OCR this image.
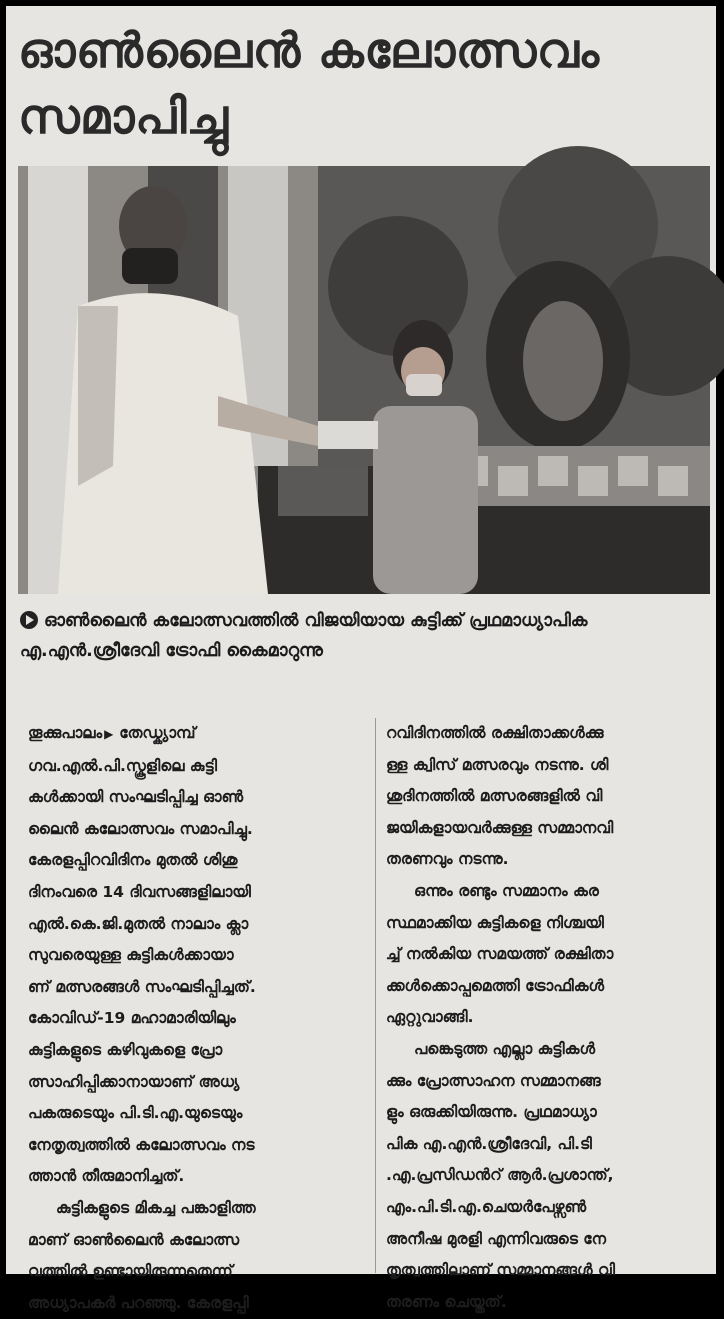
ഓൺലൈൻ കലോത്സവം
സമാപിച്ചു
ഓൺലൈൻ കലോത്സവത്തിൽ വിജയിയായ കുട്ടിക്ക് പ്രഥമാധ്യാപിക
എ.എൻ.ശ്രീദേവി ട്രോഫി കൈമാറുന്നു
തൂക്കുപാലം ▶ തേഡ്ക്യാമ്പ്
ഗവ.എൽ.പി.സ്കൂളിലെ കുട്ടി
കൾക്കായി സംഘടിപ്പിച്ച ഓൺ
ലൈൻ കലോത്സവം സമാപിച്ചു.
കേരളപ്പിറവിദിനം മുതൽ ശിശു
ദിനംവരെ 14 ദിവസങ്ങളിലായി
എൽ.കെ.ജി.മുതൽ നാലാം ക്ലാ
സുവരെയുള്ള കുട്ടികൾക്കായാ
ണ് മത്സരങ്ങൾ സംഘടിപ്പിച്ചത്.
കോവിഡ്-19 മഹാമാരിയിലും
കുട്ടികളുടെ കഴിവുകളെ പ്രോ
ത്സാഹിപ്പിക്കാനായാണ് അധ്യ
പകരുടെയും പി.ടി.എ.യുടെയും
നേതൃത്വത്തിൽ കലോത്സവം നട
ത്താൻ തീരുമാനിച്ചത്.
കുട്ടികളുടെ മികച്ച പങ്കാളിത്ത
മാണ് ഓൺലൈൻ കലോത്സ
വത്തിൽ ഉണ്ടായിരുന്നതെന്ന്
അധ്യാപകർ പറഞ്ഞു. കേരളപ്പി
റവിദിനത്തിൽ രക്ഷിതാക്കൾക്കു
ള്ള ക്വിസ് മത്സരവും നടന്നു. ശി
ശുദിനത്തിൽ മത്സരങ്ങളിൽ വി
ജയികളായവർക്കുള്ള സമ്മാനവി
തരണവും നടന്നു.
ഒന്നും രണ്ടും സമ്മാനം കര
സ്ഥമാക്കിയ കുട്ടികളെ നിശ്ചയി
ച്ച് നൽകിയ സമയത്ത് രക്ഷിതാ
ക്കൾക്കൊപ്പമെത്തി ട്രോഫികൾ
ഏറ്റുവാങ്ങി.
പങ്കെടുത്ത എല്ലാ കുട്ടികൾ
ക്കും പ്രോത്സാഹന സമ്മാനങ്ങ
ളും ഒരുക്കിയിരുന്നു. പ്രഥമാധ്യാ
പിക എ.എൻ.ശ്രീദേവി, പി.ടി
.എ.പ്രസിഡൻറ് ആർ.പ്രശാന്ത്,
എം.പി.ടി.എ.ചെയർപേഴ്സൺ
അനീഷ മുരളി എന്നിവരുടെ നേ
തൃത്വത്തിലാണ് സമ്മാനങ്ങൾ വി
തരണം ചെയ്തത്.
